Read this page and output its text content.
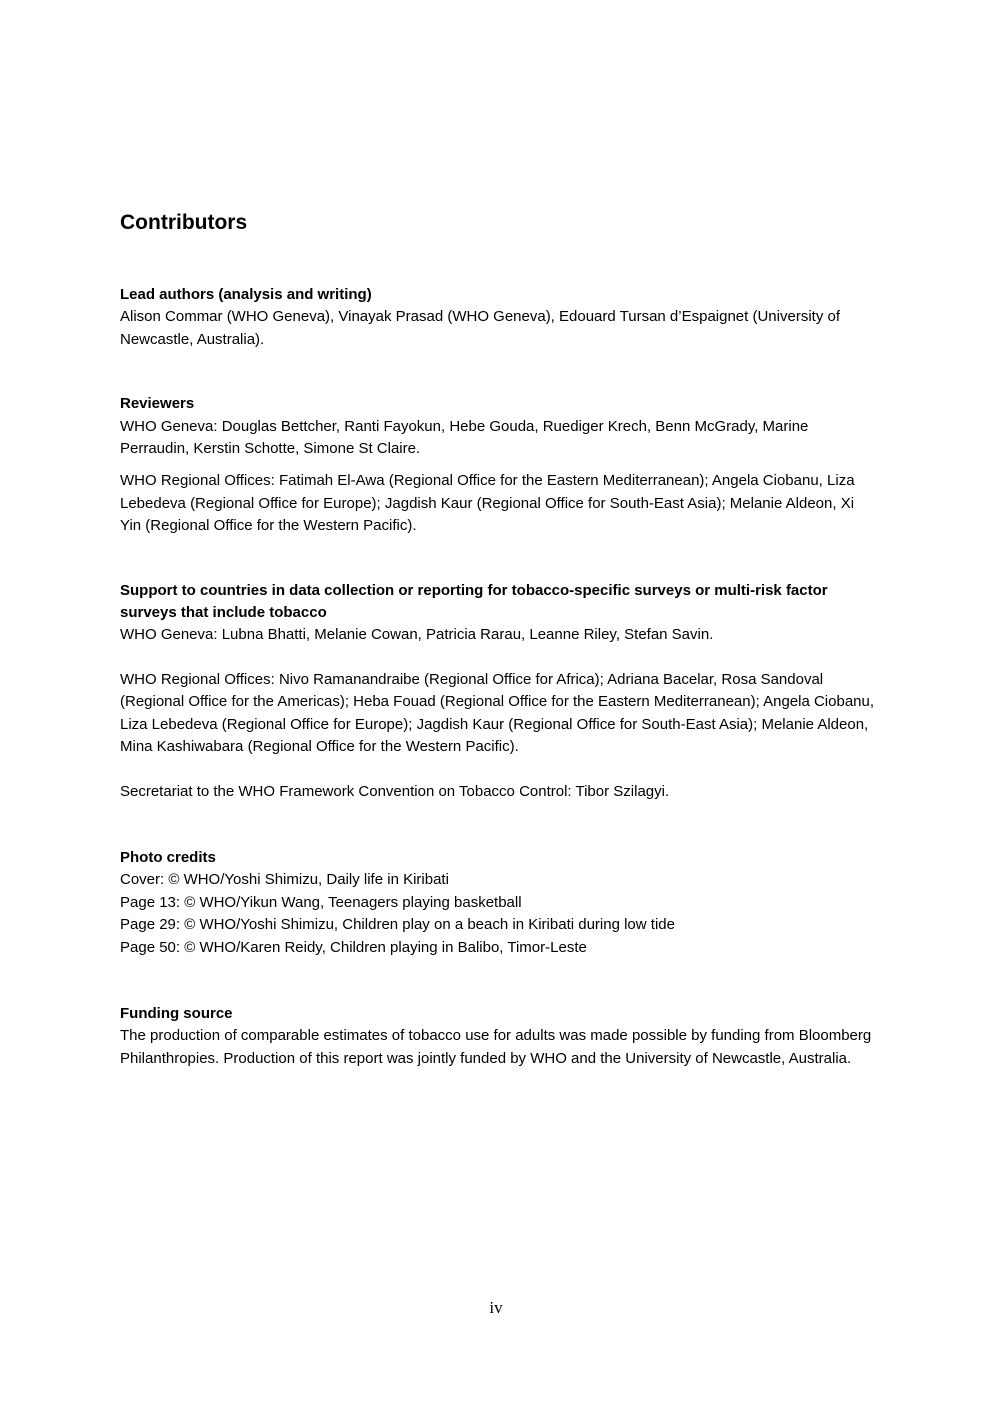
Contributors

Lead authors (analysis and writing)

Alison Commar (WHO Geneva), Vinayak Prasad (WHO Geneva), Edouard Tursan d’Espaignet (University of Newcastle, Australia).

Reviewers

WHO Geneva: Douglas Bettcher, Ranti Fayokun, Hebe Gouda, Ruediger Krech, Benn McGrady, Marine Perraudin, Kerstin Schotte, Simone St Claire.

WHO Regional Offices: Fatimah El-Awa (Regional Office for the Eastern Mediterranean); Angela Ciobanu, Liza Lebedeva (Regional Office for Europe); Jagdish Kaur (Regional Office for South-East Asia); Melanie Aldeon, Xi Yin (Regional Office for the Western Pacific).

Support to countries in data collection or reporting for tobacco-specific surveys or multi-risk factor surveys that include tobacco

WHO Geneva: Lubna Bhatti, Melanie Cowan, Patricia Rarau, Leanne Riley, Stefan Savin.

WHO Regional Offices: Nivo Ramanandraibe (Regional Office for Africa); Adriana Bacelar, Rosa Sandoval (Regional Office for the Americas); Heba Fouad (Regional Office for the Eastern Mediterranean); Angela Ciobanu, Liza Lebedeva (Regional Office for Europe); Jagdish Kaur (Regional Office for South-East Asia); Melanie Aldeon, Mina Kashiwabara (Regional Office for the Western Pacific).

Secretariat to the WHO Framework Convention on Tobacco Control: Tibor Szilagyi.

Photo credits

Cover: © WHO/Yoshi Shimizu, Daily life in Kiribati

Page 13: © WHO/Yikun Wang, Teenagers playing basketball

Page 29: © WHO/Yoshi Shimizu, Children play on a beach in Kiribati during low tide

Page 50: © WHO/Karen Reidy, Children playing in Balibo, Timor-Leste

Funding source

The production of comparable estimates of tobacco use for adults was made possible by funding from Bloomberg Philanthropies. Production of this report was jointly funded by WHO and the University of Newcastle, Australia.

iv
